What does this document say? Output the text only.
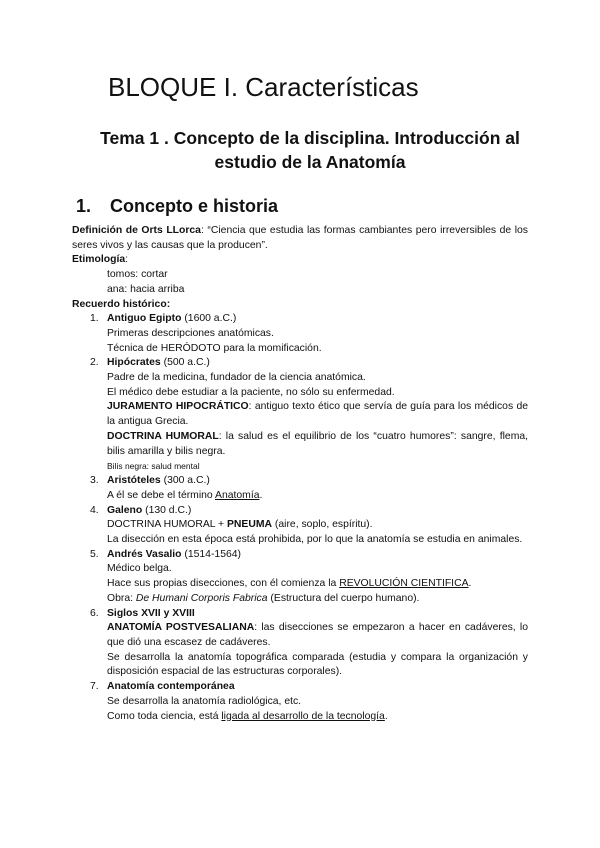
BLOQUE I. Características
Tema 1 . Concepto de la disciplina. Introducción al
estudio de la Anatomía
1. Concepto e historia

Definición de Orts LLorca: “Ciencia que estudia las formas cambiantes pero irreversibles de los seres vivos y las causas que la producen”.

Etimología:

tomos: cortar

ana: hacia arriba

Recuerdo histórico:

1. Antiguo Egipto (1600 a.C.)

Primeras descripciones anatómicas.

Técnica de HERÓDOTO para la momificación.

2. Hipócrates (500 a.C.)

Padre de la medicina, fundador de la ciencia anatómica.

El médico debe estudiar a la paciente, no sólo su enfermedad.

JURAMENTO HIPOCRÁTICO: antiguo texto ético que servía de guía para los médicos de la antigua Grecia.

DOCTRINA HUMORAL: la salud es el equilibrio de los “cuatro humores”: sangre, flema, bilis amarilla y bilis negra.

Bilis negra: salud mental

3. Aristóteles (300 a.C.)

A él se debe el término Anatomía.

4. Galeno (130 d.C.)

DOCTRINA HUMORAL + PNEUMA (aire, soplo, espíritu).

La disección en esta época está prohibida, por lo que la anatomía se estudia en animales.

5. Andrés Vasalio (1514-1564)

Médico belga.

Hace sus propias disecciones, con él comienza la REVOLUCIÓN CIENTIFICA.

Obra: De Humani Corporis Fabrica (Estructura del cuerpo humano).

6. Siglos XVII y XVIII

ANATOMÍA POSTVESALIANA: las disecciones se empezaron a hacer en cadáveres, lo que dió una escasez de cadáveres.

Se desarrolla la anatomía topográfica comparada (estudia y compara la organización y disposición espacial de las estructuras corporales).

7. Anatomía contemporánea

Se desarrolla la anatomía radiológica, etc.

Como toda ciencia, está ligada al desarrollo de la tecnología.
